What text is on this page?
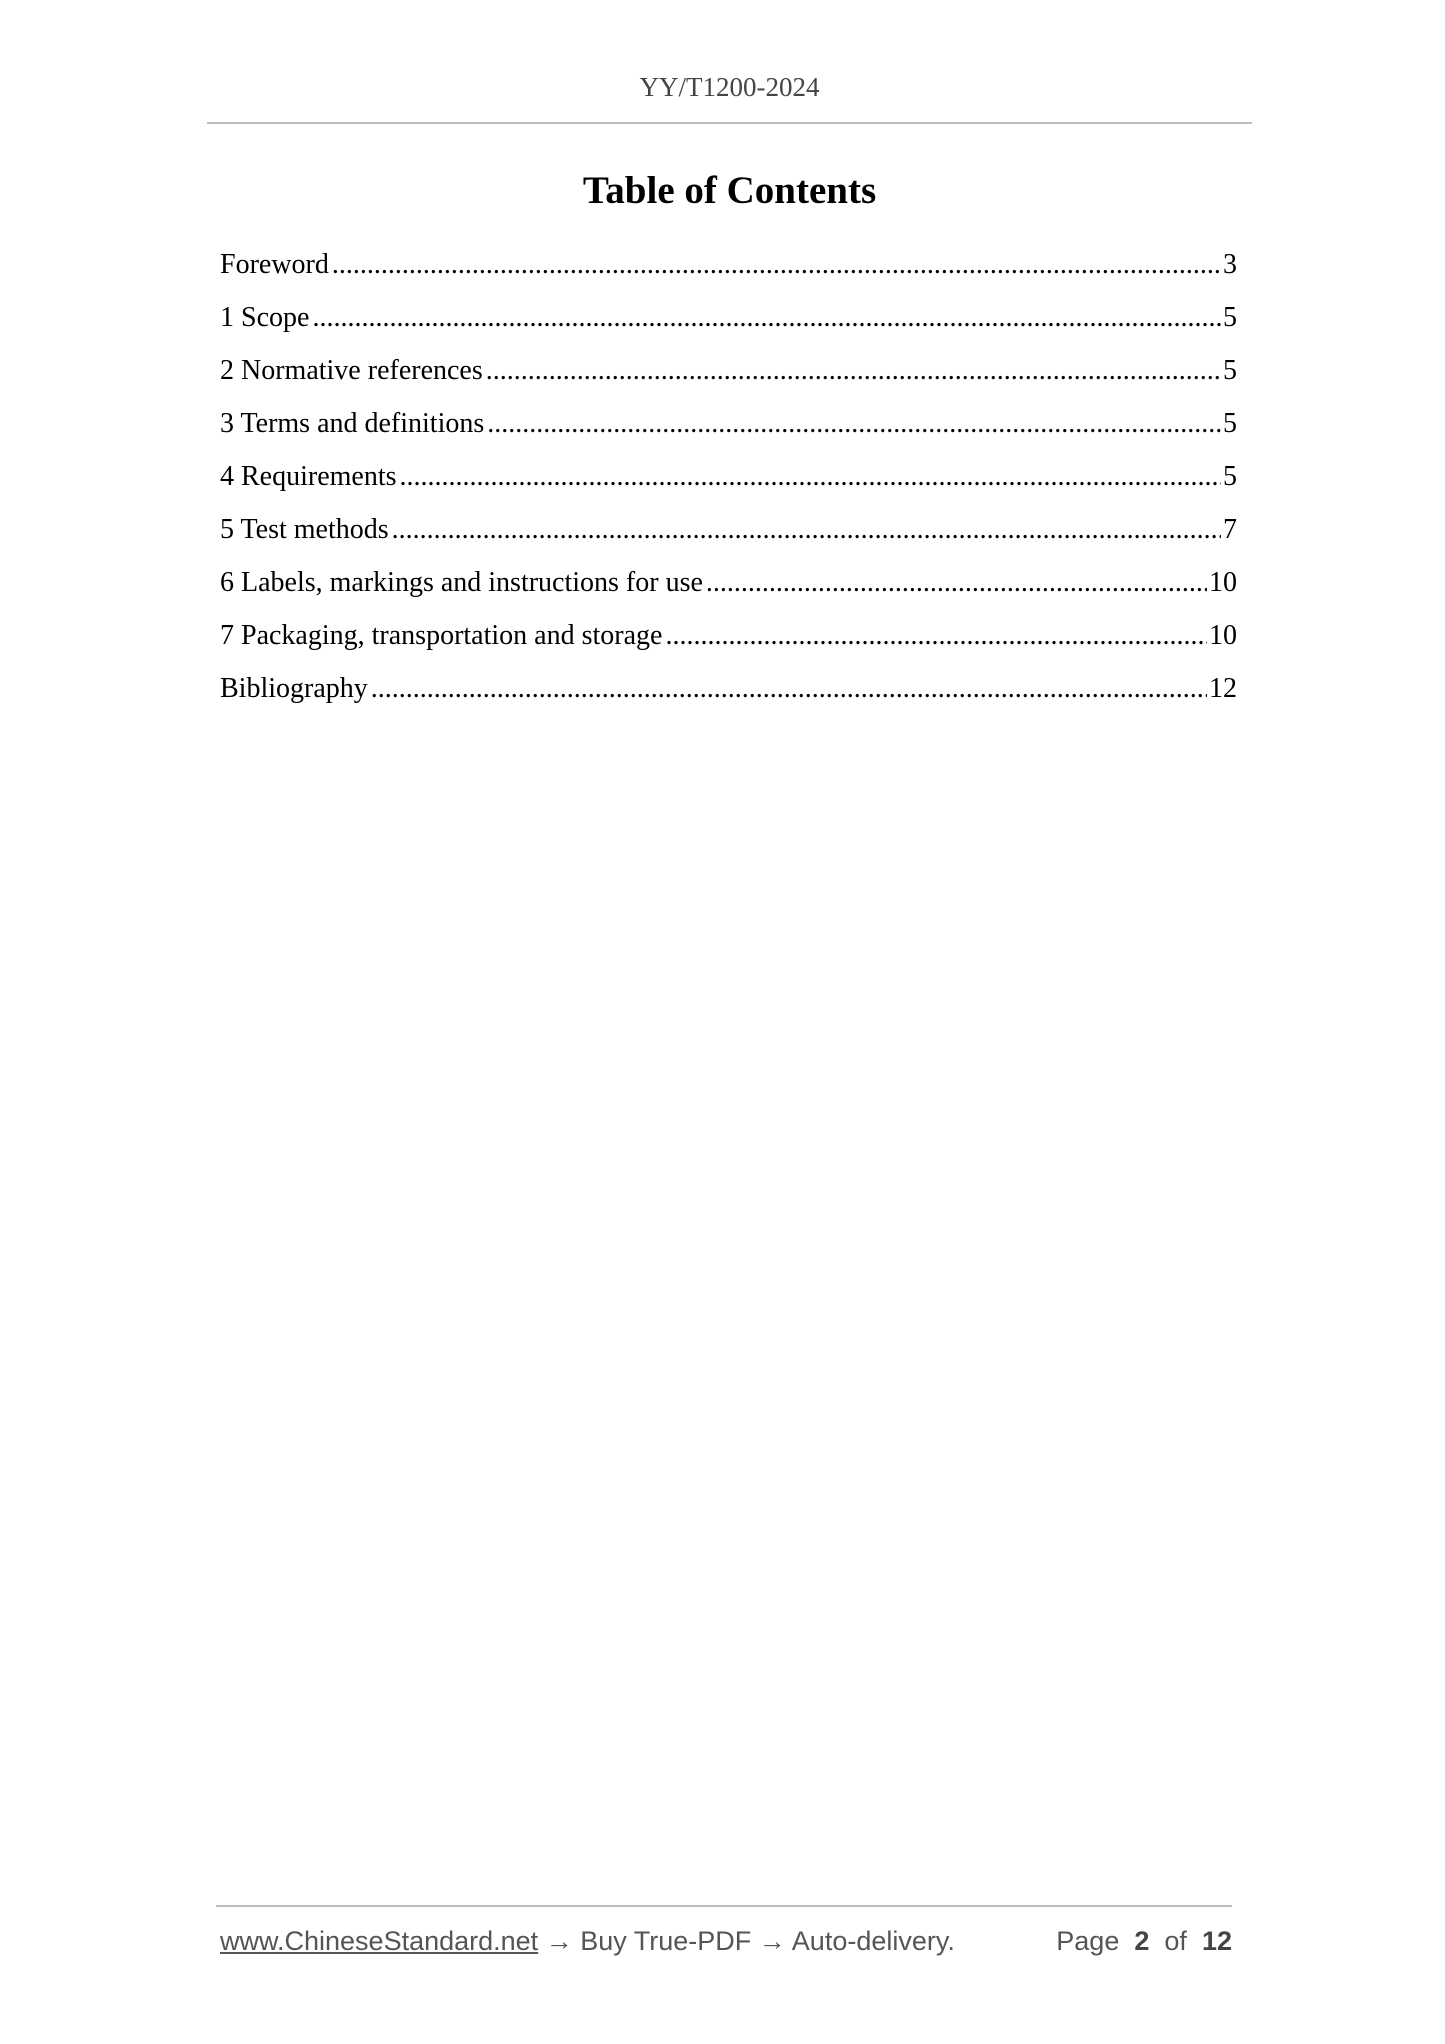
YY/T1200-2024
Table of Contents
Foreword .....	3
1 Scope .....	5
2 Normative references .....	5
3 Terms and definitions .....	5
4 Requirements .....	5
5 Test methods .....	7
6 Labels, markings and instructions for use .....	10
7 Packaging, transportation and storage .....	10
Bibliography .....	12
www.ChineseStandard.net → Buy True-PDF → Auto-delivery.	Page 2 of 12
